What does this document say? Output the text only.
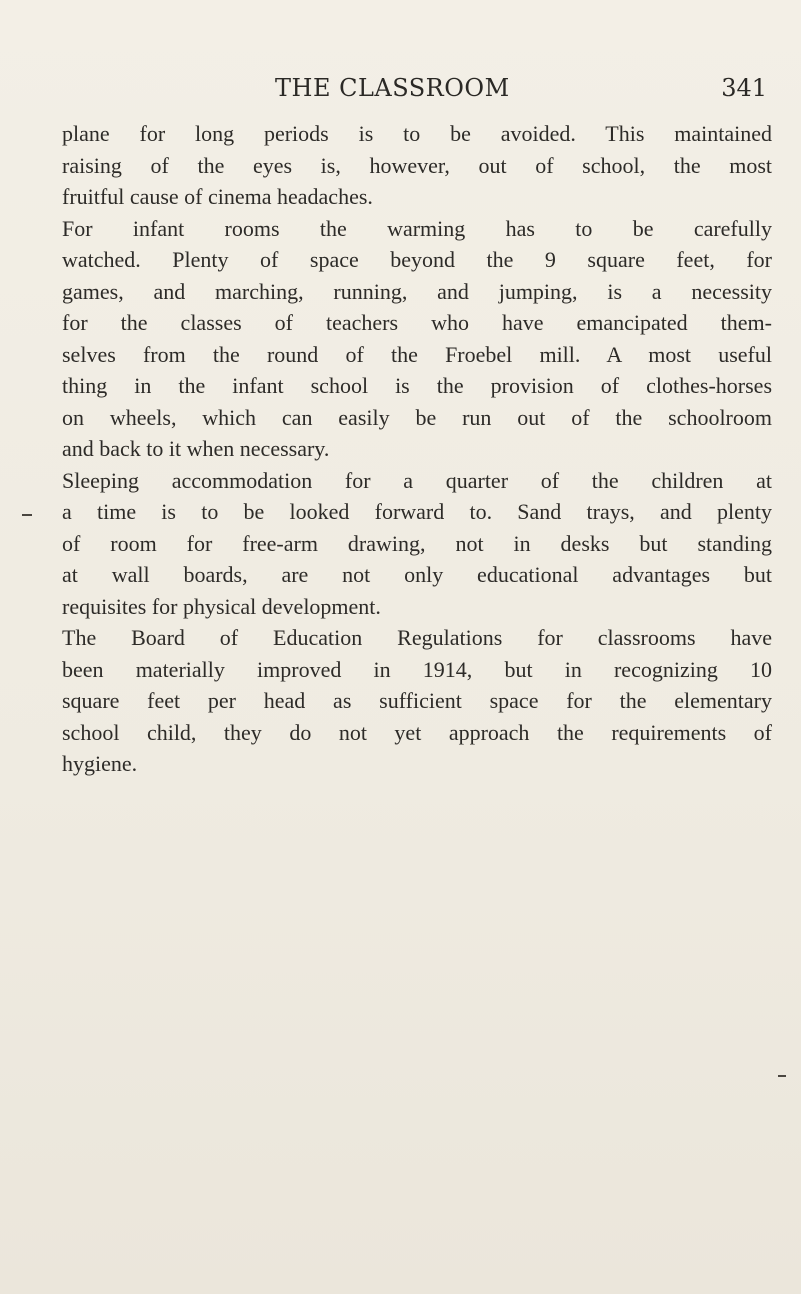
THE CLASSROOM	341
plane for long periods is to be avoided. This maintained
raising of the eyes is, however, out of school, the most
fruitful cause of cinema headaches.
For infant rooms the warming has to be carefully
watched. Plenty of space beyond the 9 square feet, for
games, and marching, running, and jumping, is a necessity
for the classes of teachers who have emancipated them-
selves from the round of the Froebel mill. A most useful
thing in the infant school is the provision of clothes-horses
on wheels, which can easily be run out of the schoolroom
and back to it when necessary.
Sleeping accommodation for a quarter of the children at
a time is to be looked forward to. Sand trays, and plenty
of room for free-arm drawing, not in desks but standing
at wall boards, are not only educational advantages but
requisites for physical development.
The Board of Education Regulations for classrooms have
been materially improved in 1914, but in recognizing 10
square feet per head as sufficient space for the elementary
school child, they do not yet approach the requirements of
hygiene.
